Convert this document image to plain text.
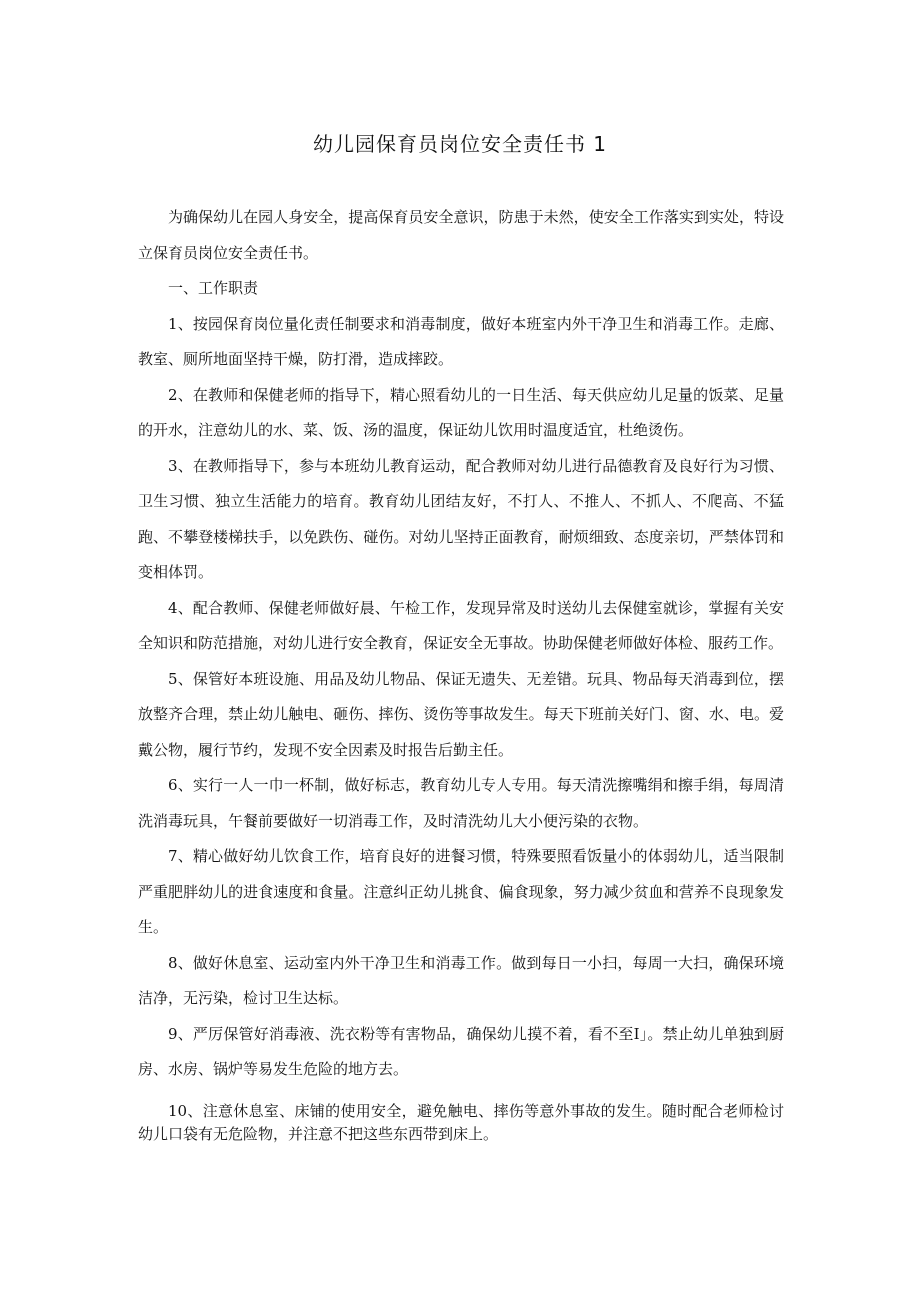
幼儿园保育员岗位安全责任书 1

为确保幼儿在园人身安全，提高保育员安全意识，防患于未然，使安全工作落实到实处，特设立保育员岗位安全责任书。

一、工作职责

1、按园保育岗位量化责任制要求和消毒制度，做好本班室内外干净卫生和消毒工作。走廊、教室、厕所地面坚持干燥，防打滑，造成摔跤。

2、在教师和保健老师的指导下，精心照看幼儿的一日生活、每天供应幼儿足量的饭菜、足量的开水，注意幼儿的水、菜、饭、汤的温度，保证幼儿饮用时温度适宜，杜绝烫伤。

3、在教师指导下，参与本班幼儿教育运动，配合教师对幼儿进行品德教育及良好行为习惯、卫生习惯、独立生活能力的培育。教育幼儿团结友好，不打人、不推人、不抓人、不爬高、不猛跑、不攀登楼梯扶手，以免跌伤、碰伤。对幼儿坚持正面教育，耐烦细致、态度亲切，严禁体罚和变相体罚。

4、配合教师、保健老师做好晨、午检工作，发现异常及时送幼儿去保健室就诊，掌握有关安全知识和防范措施，对幼儿进行安全教育，保证安全无事故。协助保健老师做好体检、服药工作。

5、保管好本班设施、用品及幼儿物品、保证无遗失、无差错。玩具、物品每天消毒到位，摆放整齐合理，禁止幼儿触电、砸伤、摔伤、烫伤等事故发生。每天下班前关好门、窗、水、电。爱戴公物，履行节约，发现不安全因素及时报告后勤主任。

6、实行一人一巾一杯制，做好标志，教育幼儿专人专用。每天清洗擦嘴绢和擦手绢，每周清洗消毒玩具，午餐前要做好一切消毒工作，及时清洗幼儿大小便污染的衣物。

7、精心做好幼儿饮食工作，培育良好的进餐习惯，特殊要照看饭量小的体弱幼儿，适当限制严重肥胖幼儿的进食速度和食量。注意纠正幼儿挑食、偏食现象，努力减少贫血和营养不良现象发生。

8、做好休息室、运动室内外干净卫生和消毒工作。做到每日一小扫，每周一大扫，确保环境洁净，无污染，检讨卫生达标。

9、严厉保管好消毒液、洗衣粉等有害物品，确保幼儿摸不着，看不至I」。禁止幼儿单独到厨房、水房、锅炉等易发生危险的地方去。

10、注意休息室、床铺的使用安全，避免触电、摔伤等意外事故的发生。随时配合老师检讨幼儿口袋有无危险物，并注意不把这些东西带到床上。
